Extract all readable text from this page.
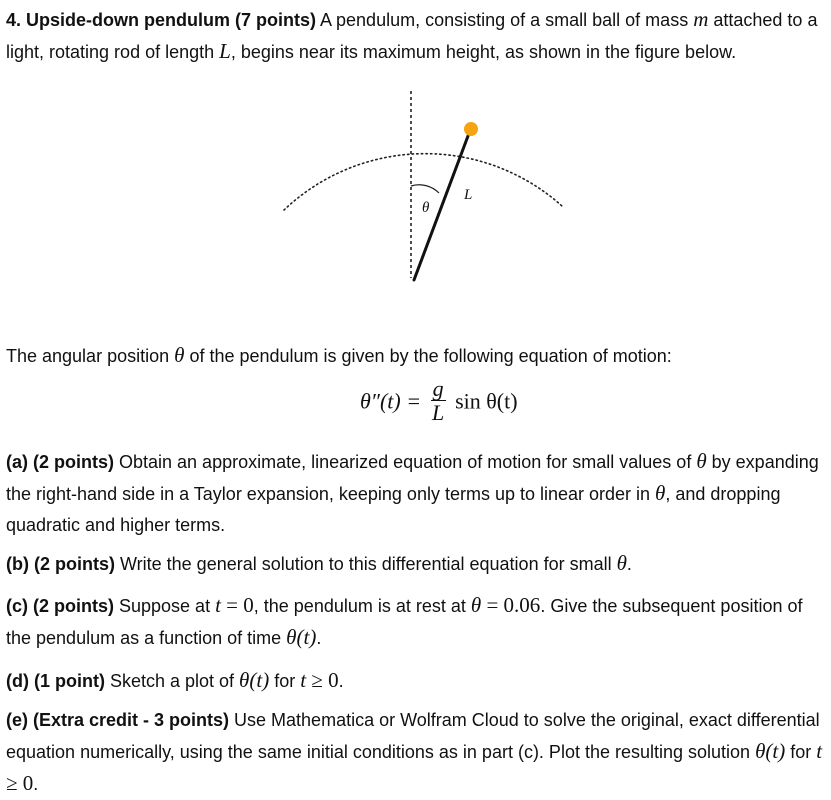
4. Upside-down pendulum (7 points) A pendulum, consisting of a small ball of mass m attached to a light, rotating rod of length L, begins near its maximum height, as shown in the figure below.
θ
L
The angular position θ of the pendulum is given by the following equation of motion:
$\theta''(t) = \frac{g}{L}$ sin θ(t)
(a) (2 points) Obtain an approximate, linearized equation of motion for small values of θ by expanding the right-hand side in a Taylor expansion, keeping only terms up to linear order in θ, and dropping quadratic and higher terms.
(b) (2 points) Write the general solution to this differential equation for small θ.
(c) (2 points) Suppose at t = 0, the pendulum is at rest at θ = 0.06. Give the subsequent position of the pendulum as a function of time θ(t).
(d) (1 point) Sketch a plot of θ(t) for t ≥ 0.
(e) (Extra credit - 3 points) Use Mathematica or Wolfram Cloud to solve the original, exact differential equation numerically, using the same initial conditions as in part (c). Plot the resulting solution θ(t) for t ≥ 0.
